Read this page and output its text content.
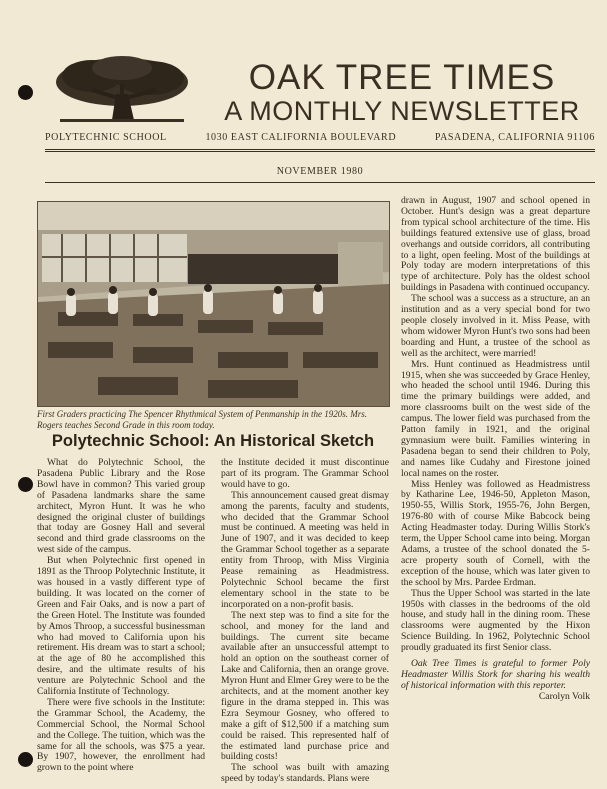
OAK TREE TIMES
A MONTHLY NEWSLETTER
POLYTECHNIC SCHOOL	1030 EAST CALIFORNIA BOULEVARD	PASADENA, CALIFORNIA 91106
NOVEMBER 1980
First Graders practicing The Spencer Rhythmical System of Penmanship in the 1920s. Mrs. Rogers teaches Second Grade in this room today.
Polytechnic School: An Historical Sketch

What do Polytechnic School, the Pasadena Public Library and the Rose Bowl have in common? This varied group of Pasadena landmarks share the same architect, Myron Hunt. It was he who designed the original cluster of buildings that today are Gosney Hall and several second and third grade classrooms on the west side of the campus.

But when Polytechnic first opened in 1891 as the Throop Polytechnic Institute, it was housed in a vastly different type of building. It was located on the corner of Green and Fair Oaks, and is now a part of the Green Hotel. The Institute was founded by Amos Throop, a successful businessman who had moved to California upon his retirement. His dream was to start a school; at the age of 80 he accomplished this desire, and the ultimate results of his venture are Polytechnic School and the California Institute of Technology.

There were five schools in the Institute: the Grammar School, the Academy, the Commercial School, the Normal School and the College. The tuition, which was the same for all the schools, was $75 a year. By 1907, however, the enrollment had grown to the point where

the Institute decided it must discontinue part of its program. The Grammar School would have to go.

This announcement caused great dismay among the parents, faculty and students, who decided that the Grammar School must be continued. A meeting was held in June of 1907, and it was decided to keep the Grammar School together as a separate entity from Throop, with Miss Virginia Pease remaining as Headmistress. Polytechnic School became the first elementary school in the state to be incorporated on a non-profit basis.

The next step was to find a site for the school, and money for the land and buildings. The current site became available after an unsuccessful attempt to hold an option on the southeast corner of Lake and California, then an orange grove. Myron Hunt and Elmer Grey were to be the architects, and at the moment another key figure in the drama stepped in. This was Ezra Seymour Gosney, who offered to make a gift of $12,500 if a matching sum could be raised. This represented half of the estimated land purchase price and building costs!

The school was built with amazing speed by today's standards. Plans were

drawn in August, 1907 and school opened in October. Hunt's design was a great departure from typical school architecture of the time. His buildings featured extensive use of glass, broad overhangs and outside corridors, all contributing to a light, open feeling. Most of the buildings at Poly today are modern interpretations of this type of architecture. Poly has the oldest school buildings in Pasadena with continued occupancy.

The school was a success as a structure, an an institution and as a very special bond for two people closely involved in it. Miss Pease, with whom widower Myron Hunt's two sons had been boarding and Hunt, a trustee of the school as well as the architect, were married!

Mrs. Hunt continued as Headmistress until 1915, when she was succeeded by Grace Henley, who headed the school until 1946. During this time the primary buildings were added, and more classrooms built on the west side of the campus. The lower field was purchased from the Patton family in 1921, and the original gymnasium were built. Families wintering in Pasadena began to send their children to Poly, and names like Cudahy and Firestone joined local names on the roster.

Miss Henley was followed as Headmistress by Katharine Lee, 1946-50, Appleton Mason, 1950-55, Willis Stork, 1955-76, John Bergen, 1976-80 with of course Mike Babcock being Acting Headmaster today. During Willis Stork's term, the Upper School came into being. Morgan Adams, a trustee of the school donated the 5-acre property south of Cornell, with the exception of the house, which was later given to the school by Mrs. Pardee Erdman.

Thus the Upper School was started in the late 1950s with classes in the bedrooms of the old house, and study hall in the dining room. These classrooms were augmented by the Hixon Science Building. In 1962, Polytechnic School proudly graduated its first Senior class.

Oak Tree Times is grateful to former Poly Headmaster Willis Stork for sharing his wealth of historical information with this reporter.

Carolyn Volk
